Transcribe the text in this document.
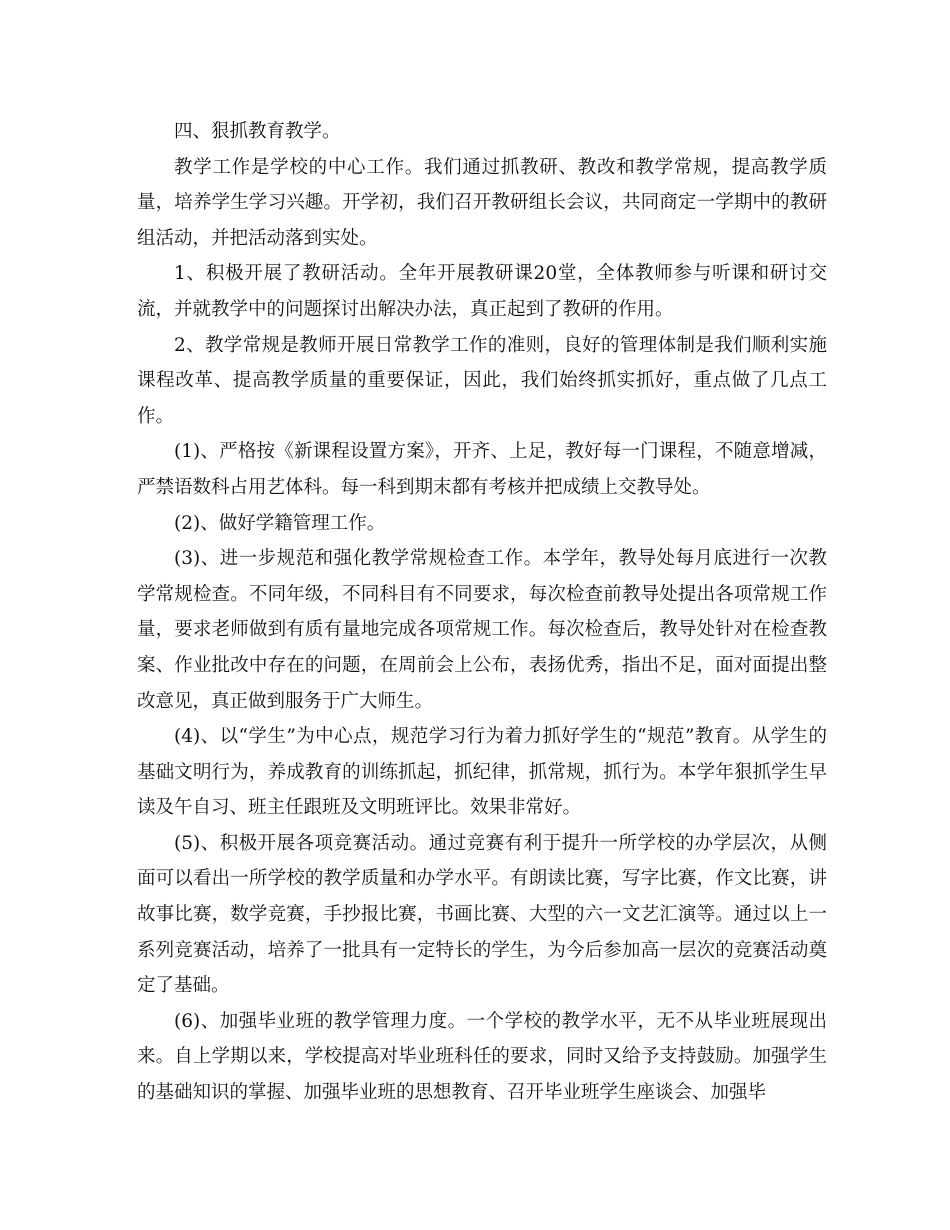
四、狠抓教育教学。

教学工作是学校的中心工作。我们通过抓教研、教改和教学常规，提高教学质量，培养学生学习兴趣。开学初，我们召开教研组长会议，共同商定一学期中的教研组活动，并把活动落到实处。

1、积极开展了教研活动。全年开展教研课20堂，全体教师参与听课和研讨交流，并就教学中的问题探讨出解决办法，真正起到了教研的作用。

2、教学常规是教师开展日常教学工作的准则，良好的管理体制是我们顺利实施课程改革、提高教学质量的重要保证，因此，我们始终抓实抓好，重点做了几点工作。

(1)、严格按《新课程设置方案》，开齐、上足，教好每一门课程，不随意增减，严禁语数科占用艺体科。每一科到期末都有考核并把成绩上交教导处。

(2)、做好学籍管理工作。

(3)、进一步规范和强化教学常规检查工作。本学年，教导处每月底进行一次教学常规检查。不同年级，不同科目有不同要求，每次检查前教导处提出各项常规工作量，要求老师做到有质有量地完成各项常规工作。每次检查后，教导处针对在检查教案、作业批改中存在的问题，在周前会上公布，表扬优秀，指出不足，面对面提出整改意见，真正做到服务于广大师生。

(4)、以“学生”为中心点，规范学习行为着力抓好学生的“规范”教育。从学生的基础文明行为，养成教育的训练抓起，抓纪律，抓常规，抓行为。本学年狠抓学生早读及午自习、班主任跟班及文明班评比。效果非常好。

(5)、积极开展各项竞赛活动。通过竞赛有利于提升一所学校的办学层次，从侧面可以看出一所学校的教学质量和办学水平。有朗读比赛，写字比赛，作文比赛，讲故事比赛，数学竞赛，手抄报比赛，书画比赛、大型的六一文艺汇演等。通过以上一系列竞赛活动，培养了一批具有一定特长的学生，为今后参加高一层次的竞赛活动奠定了基础。

(6)、加强毕业班的教学管理力度。一个学校的教学水平，无不从毕业班展现出来。自上学期以来，学校提高对毕业班科任的要求，同时又给予支持鼓励。加强学生的基础知识的掌握、加强毕业班的思想教育、召开毕业班学生座谈会、加强毕
